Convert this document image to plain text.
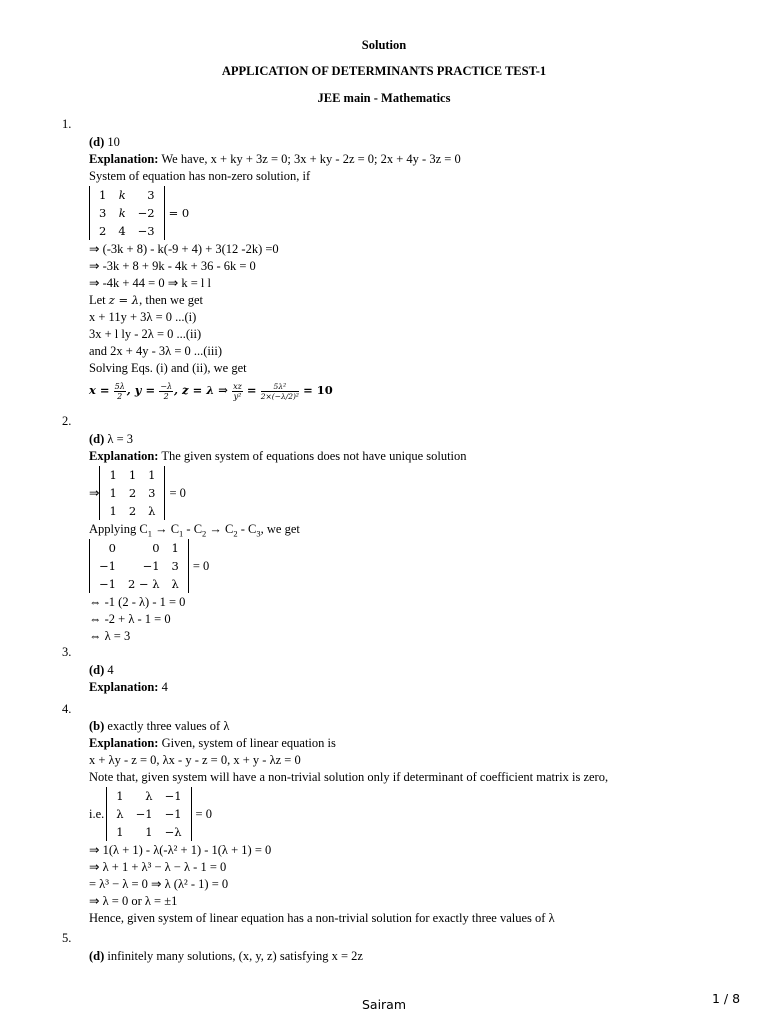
Solution
APPLICATION OF DETERMINANTS PRACTICE TEST-1
JEE main - Mathematics
1.
(d) 10
Explanation: We have, x + ky + 3z = 0; 3x + ky - 2z = 0; 2x + 4y - 3z = 0
System of equation has non-zero solution, if
1	k	3
3	k	−2
2	4	−3
= 0
⇒ (-3k + 8) - k(-9 + 4) + 3(12 -2k) =0
⇒ -3k + 8 + 9k - 4k + 36 - 6k = 0
⇒ -4k + 44 = 0 ⇒ k = l l
Let z = λ, then we get
x + 11y + 3λ = 0 ...(i)
3x + l ly - 2λ = 0 ...(ii)
and 2x + 4y - 3λ = 0 ...(iii)
Solving Eqs. (i) and (ii), we get
$x = \frac{5\lambda}{2}$ , $y = \frac{-\lambda}{2}$ , z = λ ⇒ $\frac{xz}{\text{y²}} = \frac{\text{5λ²}}{\text{2×(−λ/2)²}} = 10$
2.
(d) λ = 3
Explanation: The given system of equations does not have unique solution
⇒
1	1	1
1	2	3
1	2	λ
= 0
Applying $C_1 \to C_1 - C_2 \to C_2 - C_3$, we get
0	0	1
−1	−1	3
−1	2 − λ	λ
= 0
⇔ -1 (2 - λ) - 1 = 0
⇔ -2 + λ - 1 = 0
⇔ λ = 3
3.
(d) 4
Explanation: 4
4.
(b) exactly three values of λ
Explanation: Given, system of linear equation is
x + λy - z = 0, λx - y - z = 0, x + y - λz = 0
Note that, given system will have a non-trivial solution only if determinant of coefficient matrix is zero,
i.e.
1	λ	−1
λ	−1	−1
1	1	−λ
= 0
⇒ 1(λ + 1) - λ(-λ² + 1) - 1(λ + 1) = 0
⇒ λ + 1 + λ³ − λ − λ - 1 = 0
= λ³ − λ = 0 ⇒ λ (λ² - 1) = 0
⇒ λ = 0 or λ = ±1
Hence, given system of linear equation has a non-trivial solution for exactly three values of λ
5.
(d) infinitely many solutions, (x, y, z) satisfying x = 2z
Sairam	1 / 8
